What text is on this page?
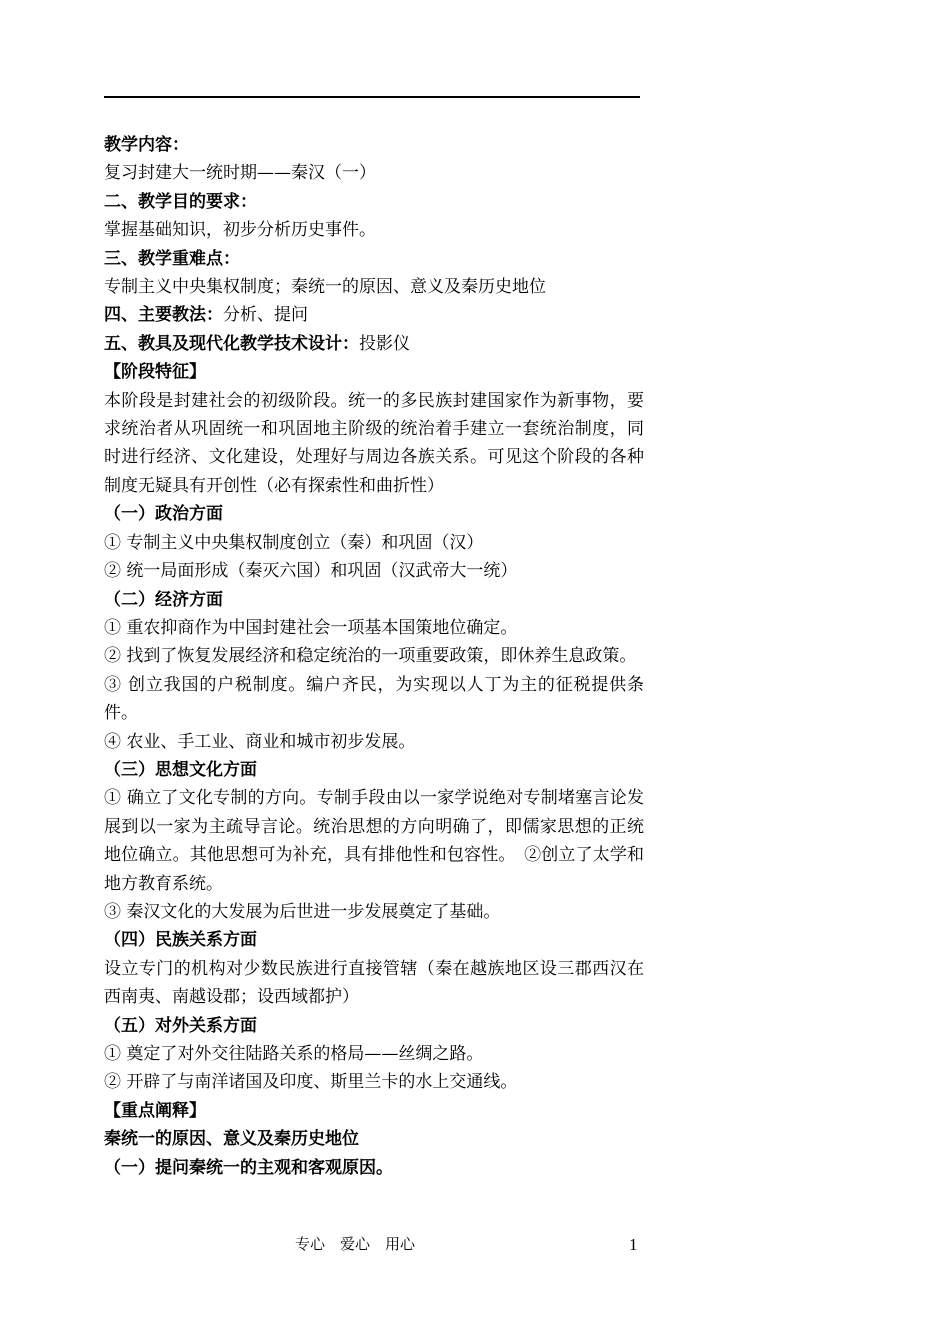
教学内容：
复习封建大一统时期——秦汉（一）
二、教学目的要求：
掌握基础知识，初步分析历史事件。
三、教学重难点：
专制主义中央集权制度；秦统一的原因、意义及秦历史地位
四、主要教法：分析、提问
五、教具及现代化教学技术设计：投影仪
【阶段特征】
本阶段是封建社会的初级阶段。统一的多民族封建国家作为新事物，要求统治者从巩固统一和巩固地主阶级的统治着手建立一套统治制度，同时进行经济、文化建设，处理好与周边各族关系。可见这个阶段的各种制度无疑具有开创性（必有探索性和曲折性）
（一）政治方面
① 专制主义中央集权制度创立（秦）和巩固（汉）
② 统一局面形成（秦灭六国）和巩固（汉武帝大一统）
（二）经济方面
① 重农抑商作为中国封建社会一项基本国策地位确定。
② 找到了恢复发展经济和稳定统治的一项重要政策，即休养生息政策。
③ 创立我国的户税制度。编户齐民，为实现以人丁为主的征税提供条件。
④ 农业、手工业、商业和城市初步发展。
（三）思想文化方面
① 确立了文化专制的方向。专制手段由以一家学说绝对专制堵塞言论发展到以一家为主疏导言论。统治思想的方向明确了，即儒家思想的正统地位确立。其他思想可为补充，具有排他性和包容性。　②创立了太学和地方教育系统。
③ 秦汉文化的大发展为后世进一步发展奠定了基础。
（四）民族关系方面
设立专门的机构对少数民族进行直接管辖（秦在越族地区设三郡西汉在西南夷、南越设郡；设西域都护）
（五）对外关系方面
① 奠定了对外交往陆路关系的格局——丝绸之路。
② 开辟了与南洋诸国及印度、斯里兰卡的水上交通线。
【重点阐释】
秦统一的原因、意义及秦历史地位
（一）提问秦统一的主观和客观原因。
专心　爱心　用心	1
